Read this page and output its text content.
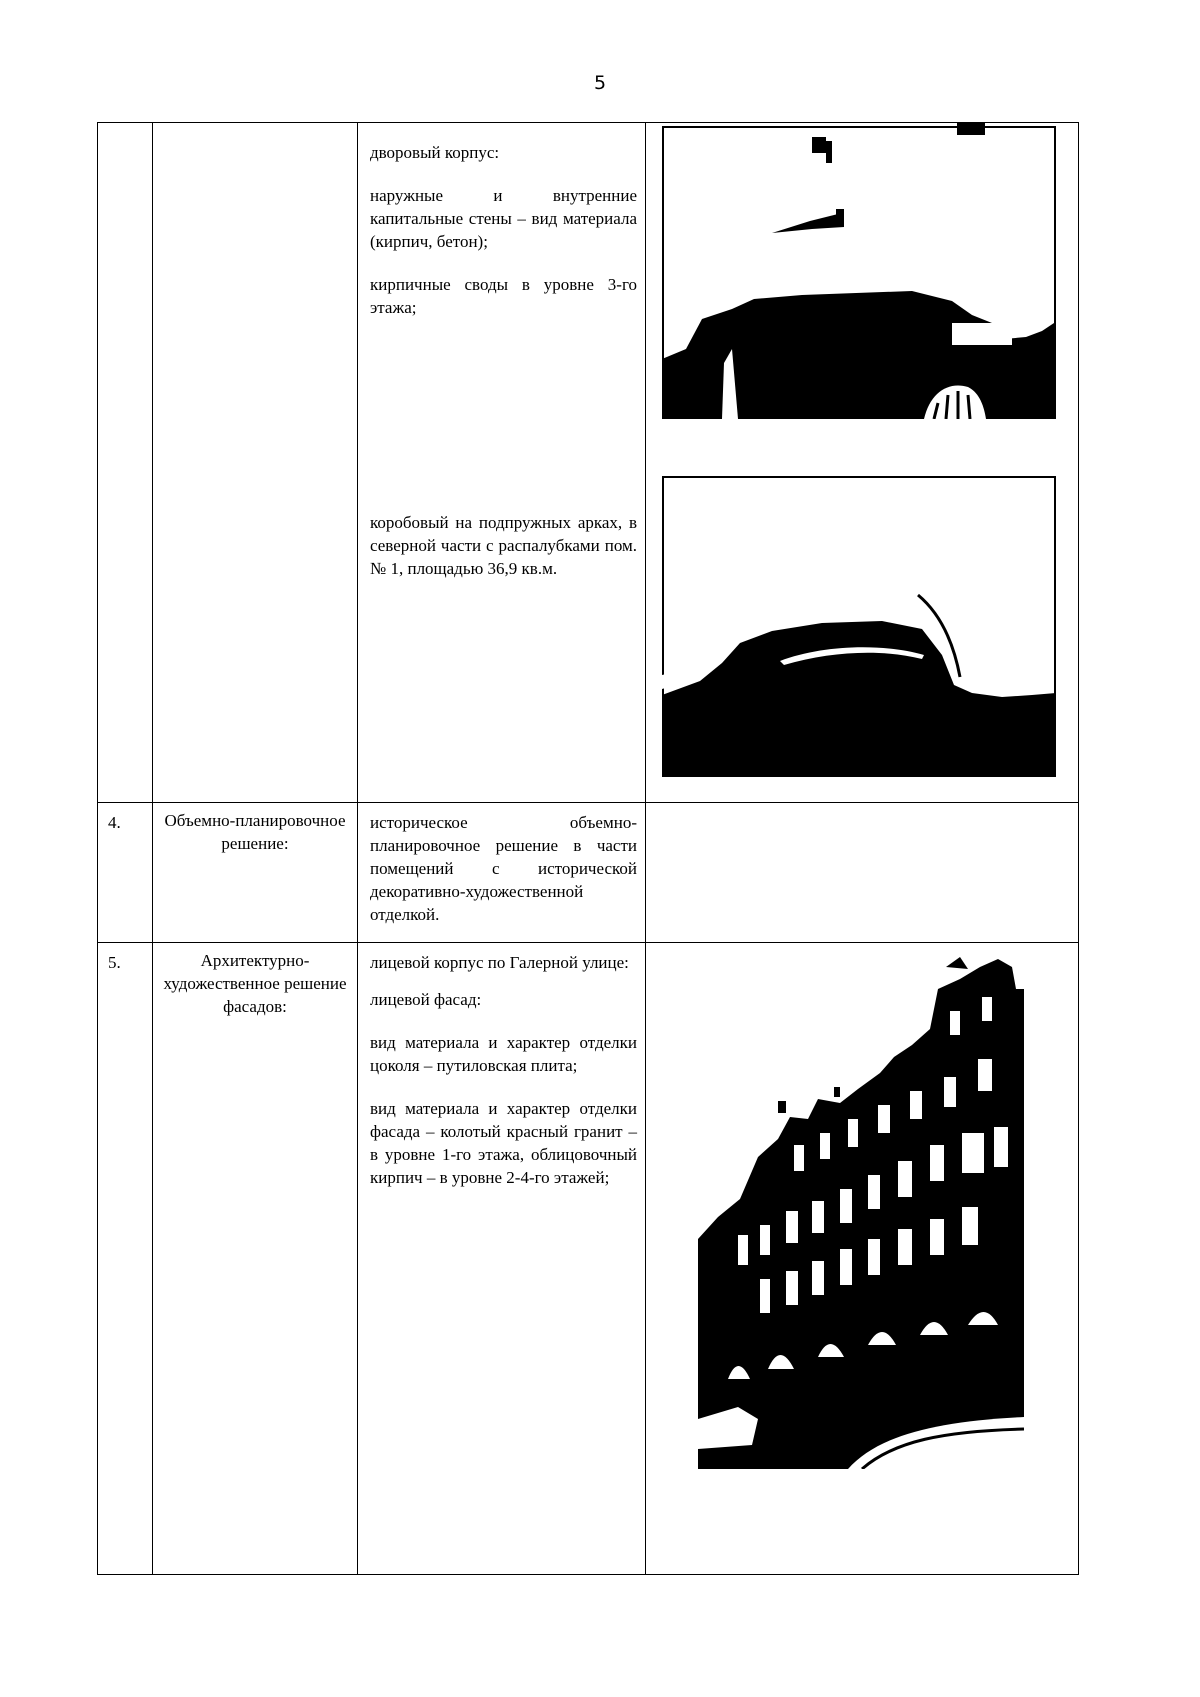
5

		дворовый корпус:

наружные и внутренние капитальные стены – вид материала (кирпич, бетон);

кирпичные своды в уровне 3-го этажа;

коробовый на подпружных арках, в северной части с распалубками пом. № 1, площадью 36,9 кв.м.

4.	Объемно-планировочное решение:	историческое объемно-планировочное решение в части помещений с исторической декоративно-художественной отделкой.	

5.	Архитектурно-художественное решение фасадов:	лицевой корпус по Галерной улице:

лицевой фасад:

вид материала и характер отделки цоколя – путиловская плита;

вид материала и характер отделки фасада – колотый красный гранит – в уровне 1-го этажа, облицовочный кирпич – в уровне 2-4-го этажей;
